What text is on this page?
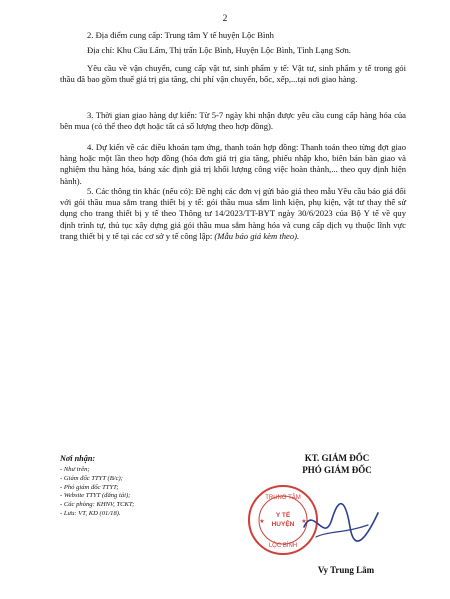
2
2. Địa điểm cung cấp: Trung tâm Y tế huyện Lộc Bình
Địa chỉ: Khu Cầu Lấm, Thị trấn Lộc Bình, Huyện Lộc Bình, Tỉnh Lạng Sơn.
Yêu cầu về vận chuyển, cung cấp vật tư, sinh phẩm y tế: Vật tư, sinh phẩm y tế trong gói thầu đã bao gồm thuế giá trị gia tăng, chi phí vận chuyển, bốc, xếp,...tại nơi giao hàng.
3. Thời gian giao hàng dự kiến: Từ 5-7 ngày khi nhận được yêu cầu cung cấp hàng hóa của bên mua (có thể theo đợt hoặc tất cả số lượng theo hợp đồng).
4. Dự kiến về các điều khoản tạm ứng, thanh toán hợp đồng: Thanh toán theo từng đợt giao hàng hoặc một lần theo hợp đồng (hóa đơn giá trị gia tăng, phiếu nhập kho, biên bản bàn giao và nghiệm thu hàng hóa, bảng xác định giá trị khối lượng công việc hoàn thành,... theo quy định hiện hành).
5. Các thông tin khác (nếu có): Đề nghị các đơn vị gửi báo giá theo mẫu Yêu cầu báo giá đối với gói thầu mua sắm trang thiết bị y tế: gói thầu mua sắm linh kiện, phụ kiện, vật tư thay thế sử dụng cho trang thiết bị y tế theo Thông tư 14/2023/TT-BYT ngày 30/6/2023 của Bộ Y tế về quy định trình tự, thủ tục xây dựng giá gói thầu mua sắm hàng hóa và cung cấp dịch vụ thuộc lĩnh vực trang thiết bị y tế tại các cơ sở y tế công lập: (Mẫu báo giá kèm theo).
Nơi nhận:
- Như trên;
- Giám đốc TTYT (B/c);
- Phó giám đốc TTYT;
- Website TTYT (đăng tải);
- Các phòng: KHNV, TCKT;
- Lưu: VT, KD (01/18).
KT. GIÁM ĐỐC
PHÓ GIÁM ĐỐC
TRUNG TÂM
Y TẾ
HUYỆN
LỘC BÌNH
★	★
Vy Trung Lâm
